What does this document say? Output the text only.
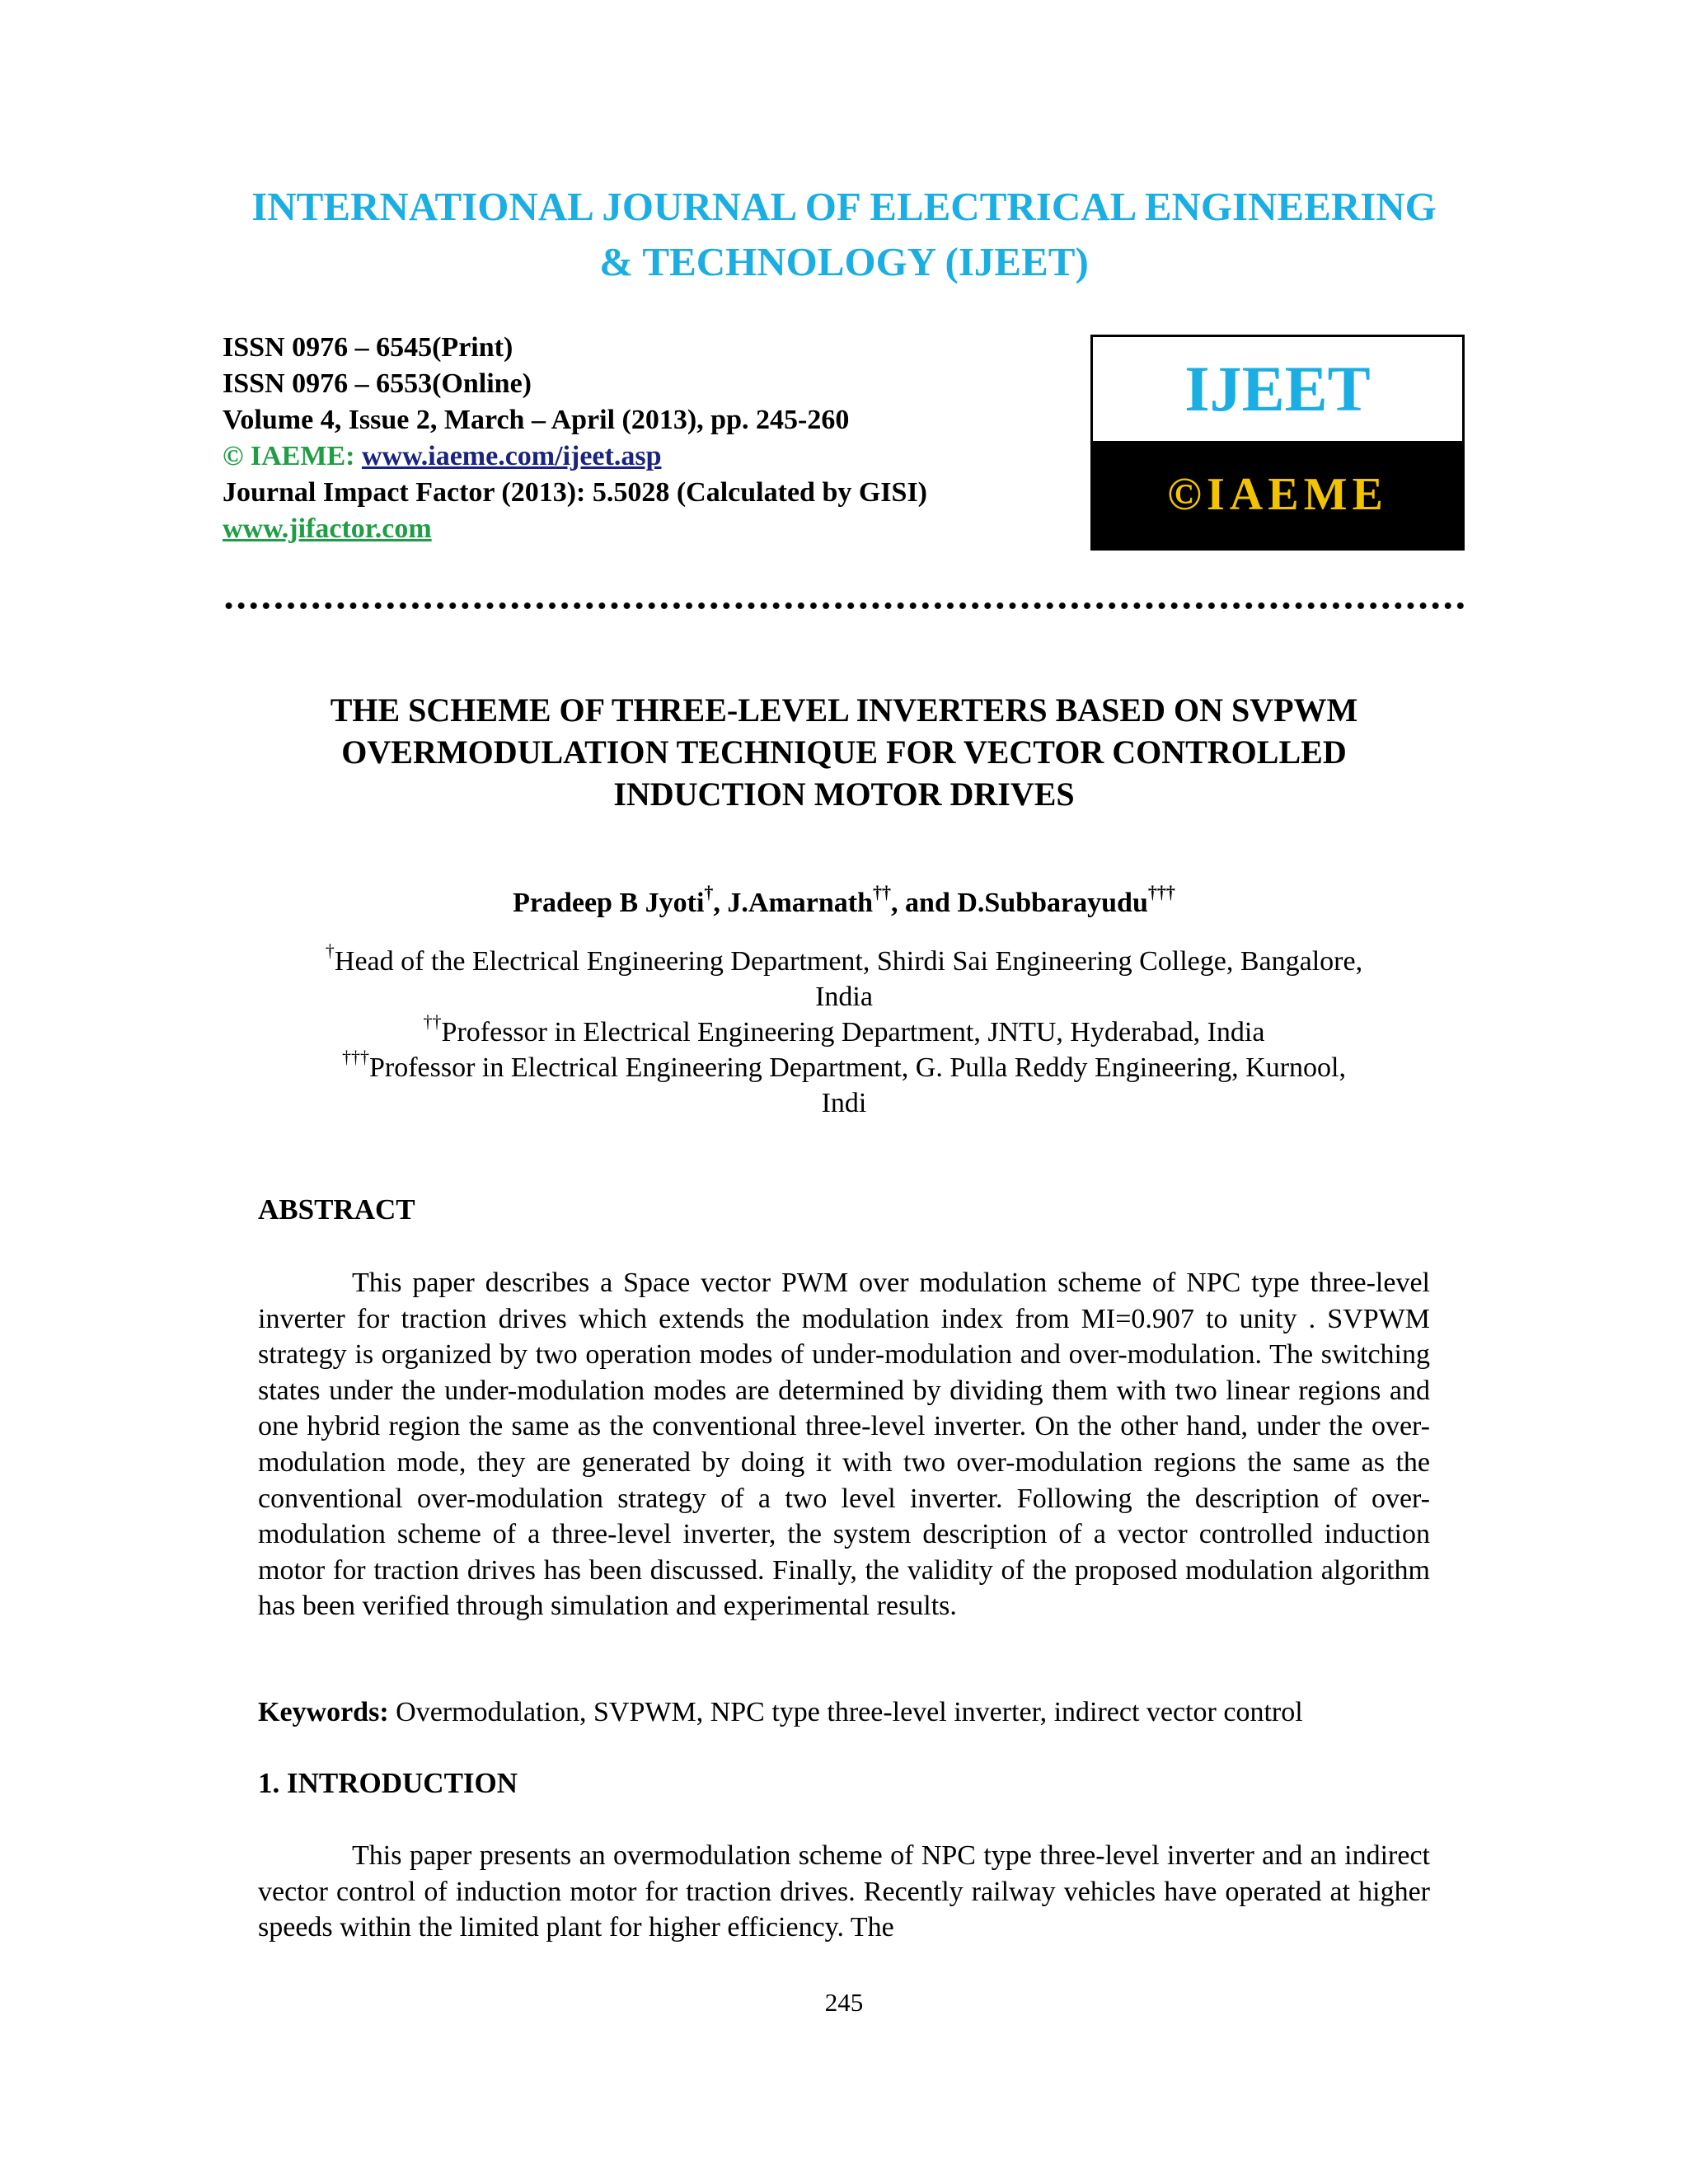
INTERNATIONAL JOURNAL OF ELECTRICAL ENGINEERING
& TECHNOLOGY (IJEET)
ISSN 0976 – 6545(Print)
ISSN 0976 – 6553(Online)
Volume 4, Issue 2, March – April (2013), pp. 245-260
© IAEME: www.iaeme.com/ijeet.asp
Journal Impact Factor (2013): 5.5028 (Calculated by GISI)
www.jifactor.com
IJEET
©IAEME
THE SCHEME OF THREE-LEVEL INVERTERS BASED ON SVPWM
OVERMODULATION TECHNIQUE FOR VECTOR CONTROLLED
INDUCTION MOTOR DRIVES
Pradeep B Jyoti†, J.Amarnath††, and D.Subbarayudu†††
†Head of the Electrical Engineering Department, Shirdi Sai Engineering College, Bangalore,
India
††Professor in Electrical Engineering Department, JNTU, Hyderabad, India
†††Professor in Electrical Engineering Department, G. Pulla Reddy Engineering, Kurnool,
Indi
ABSTRACT
This paper describes a Space vector PWM over modulation scheme of NPC type three-level inverter for traction drives which extends the modulation index from MI=0.907 to unity . SVPWM strategy is organized by two operation modes of under-modulation and over-modulation. The switching states under the under-modulation modes are determined by dividing them with two linear regions and one hybrid region the same as the conventional three-level inverter. On the other hand, under the over-modulation mode, they are generated by doing it with two over-modulation regions the same as the conventional over-modulation strategy of a two level inverter. Following the description of over-modulation scheme of a three-level inverter, the system description of a vector controlled induction motor for traction drives has been discussed. Finally, the validity of the proposed modulation algorithm has been verified through simulation and experimental results.
Keywords: Overmodulation, SVPWM, NPC type three-level inverter, indirect vector control
1. INTRODUCTION
This paper presents an overmodulation scheme of NPC type three-level inverter and an indirect vector control of induction motor for traction drives. Recently railway vehicles have operated at higher speeds within the limited plant for higher efficiency. The
245
